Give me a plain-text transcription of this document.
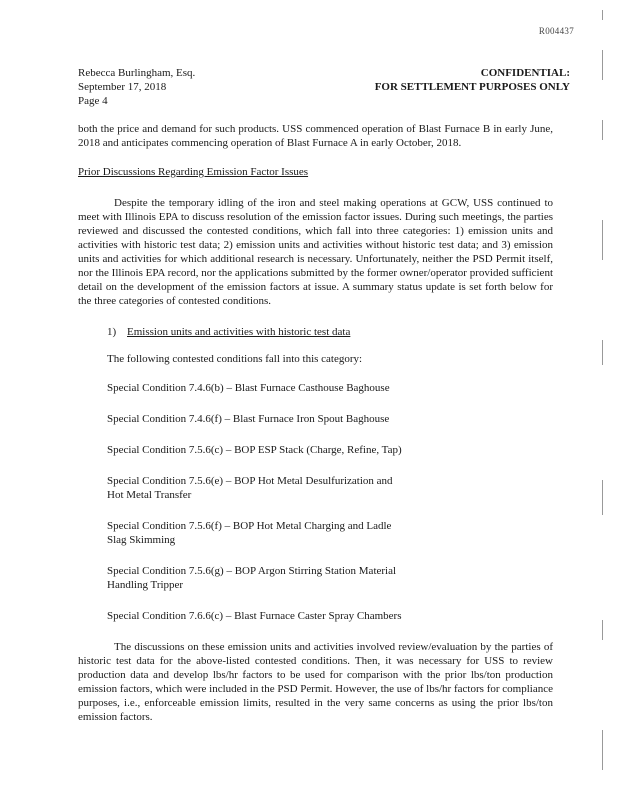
R004437
Rebecca Burlingham, Esq.
September 17, 2018
Page 4
CONFIDENTIAL:
FOR SETTLEMENT PURPOSES ONLY

both the price and demand for such products. USS commenced operation of Blast Furnace B in early June, 2018 and anticipates commencing operation of Blast Furnace A in early October, 2018.

Prior Discussions Regarding Emission Factor Issues

Despite the temporary idling of the iron and steel making operations at GCW, USS continued to meet with Illinois EPA to discuss resolution of the emission factor issues. During such meetings, the parties reviewed and discussed the contested conditions, which fall into three categories: 1) emission units and activities with historic test data; 2) emission units and activities without historic test data; and 3) emission units and activities for which additional research is necessary. Unfortunately, neither the PSD Permit itself, nor the Illinois EPA record, nor the applications submitted by the former owner/operator provided sufficient detail on the development of the emission factors at issue. A summary status update is set forth below for the three categories of contested conditions.

1) Emission units and activities with historic test data

The following contested conditions fall into this category:

Special Condition 7.4.6(b) – Blast Furnace Casthouse Baghouse

Special Condition 7.4.6(f) – Blast Furnace Iron Spout Baghouse

Special Condition 7.5.6(c) – BOP ESP Stack (Charge, Refine, Tap)

Special Condition 7.5.6(e) – BOP Hot Metal Desulfurization and Hot Metal Transfer

Special Condition 7.5.6(f) – BOP Hot Metal Charging and Ladle Slag Skimming

Special Condition 7.5.6(g) – BOP Argon Stirring Station Material Handling Tripper

Special Condition 7.6.6(c) – Blast Furnace Caster Spray Chambers

The discussions on these emission units and activities involved review/evaluation by the parties of historic test data for the above-listed contested conditions. Then, it was necessary for USS to review production data and develop lbs/hr factors to be used for comparison with the prior lbs/ton production emission factors, which were included in the PSD Permit. However, the use of lbs/hr factors for compliance purposes, i.e., enforceable emission limits, resulted in the very same concerns as using the prior lbs/ton emission factors.
